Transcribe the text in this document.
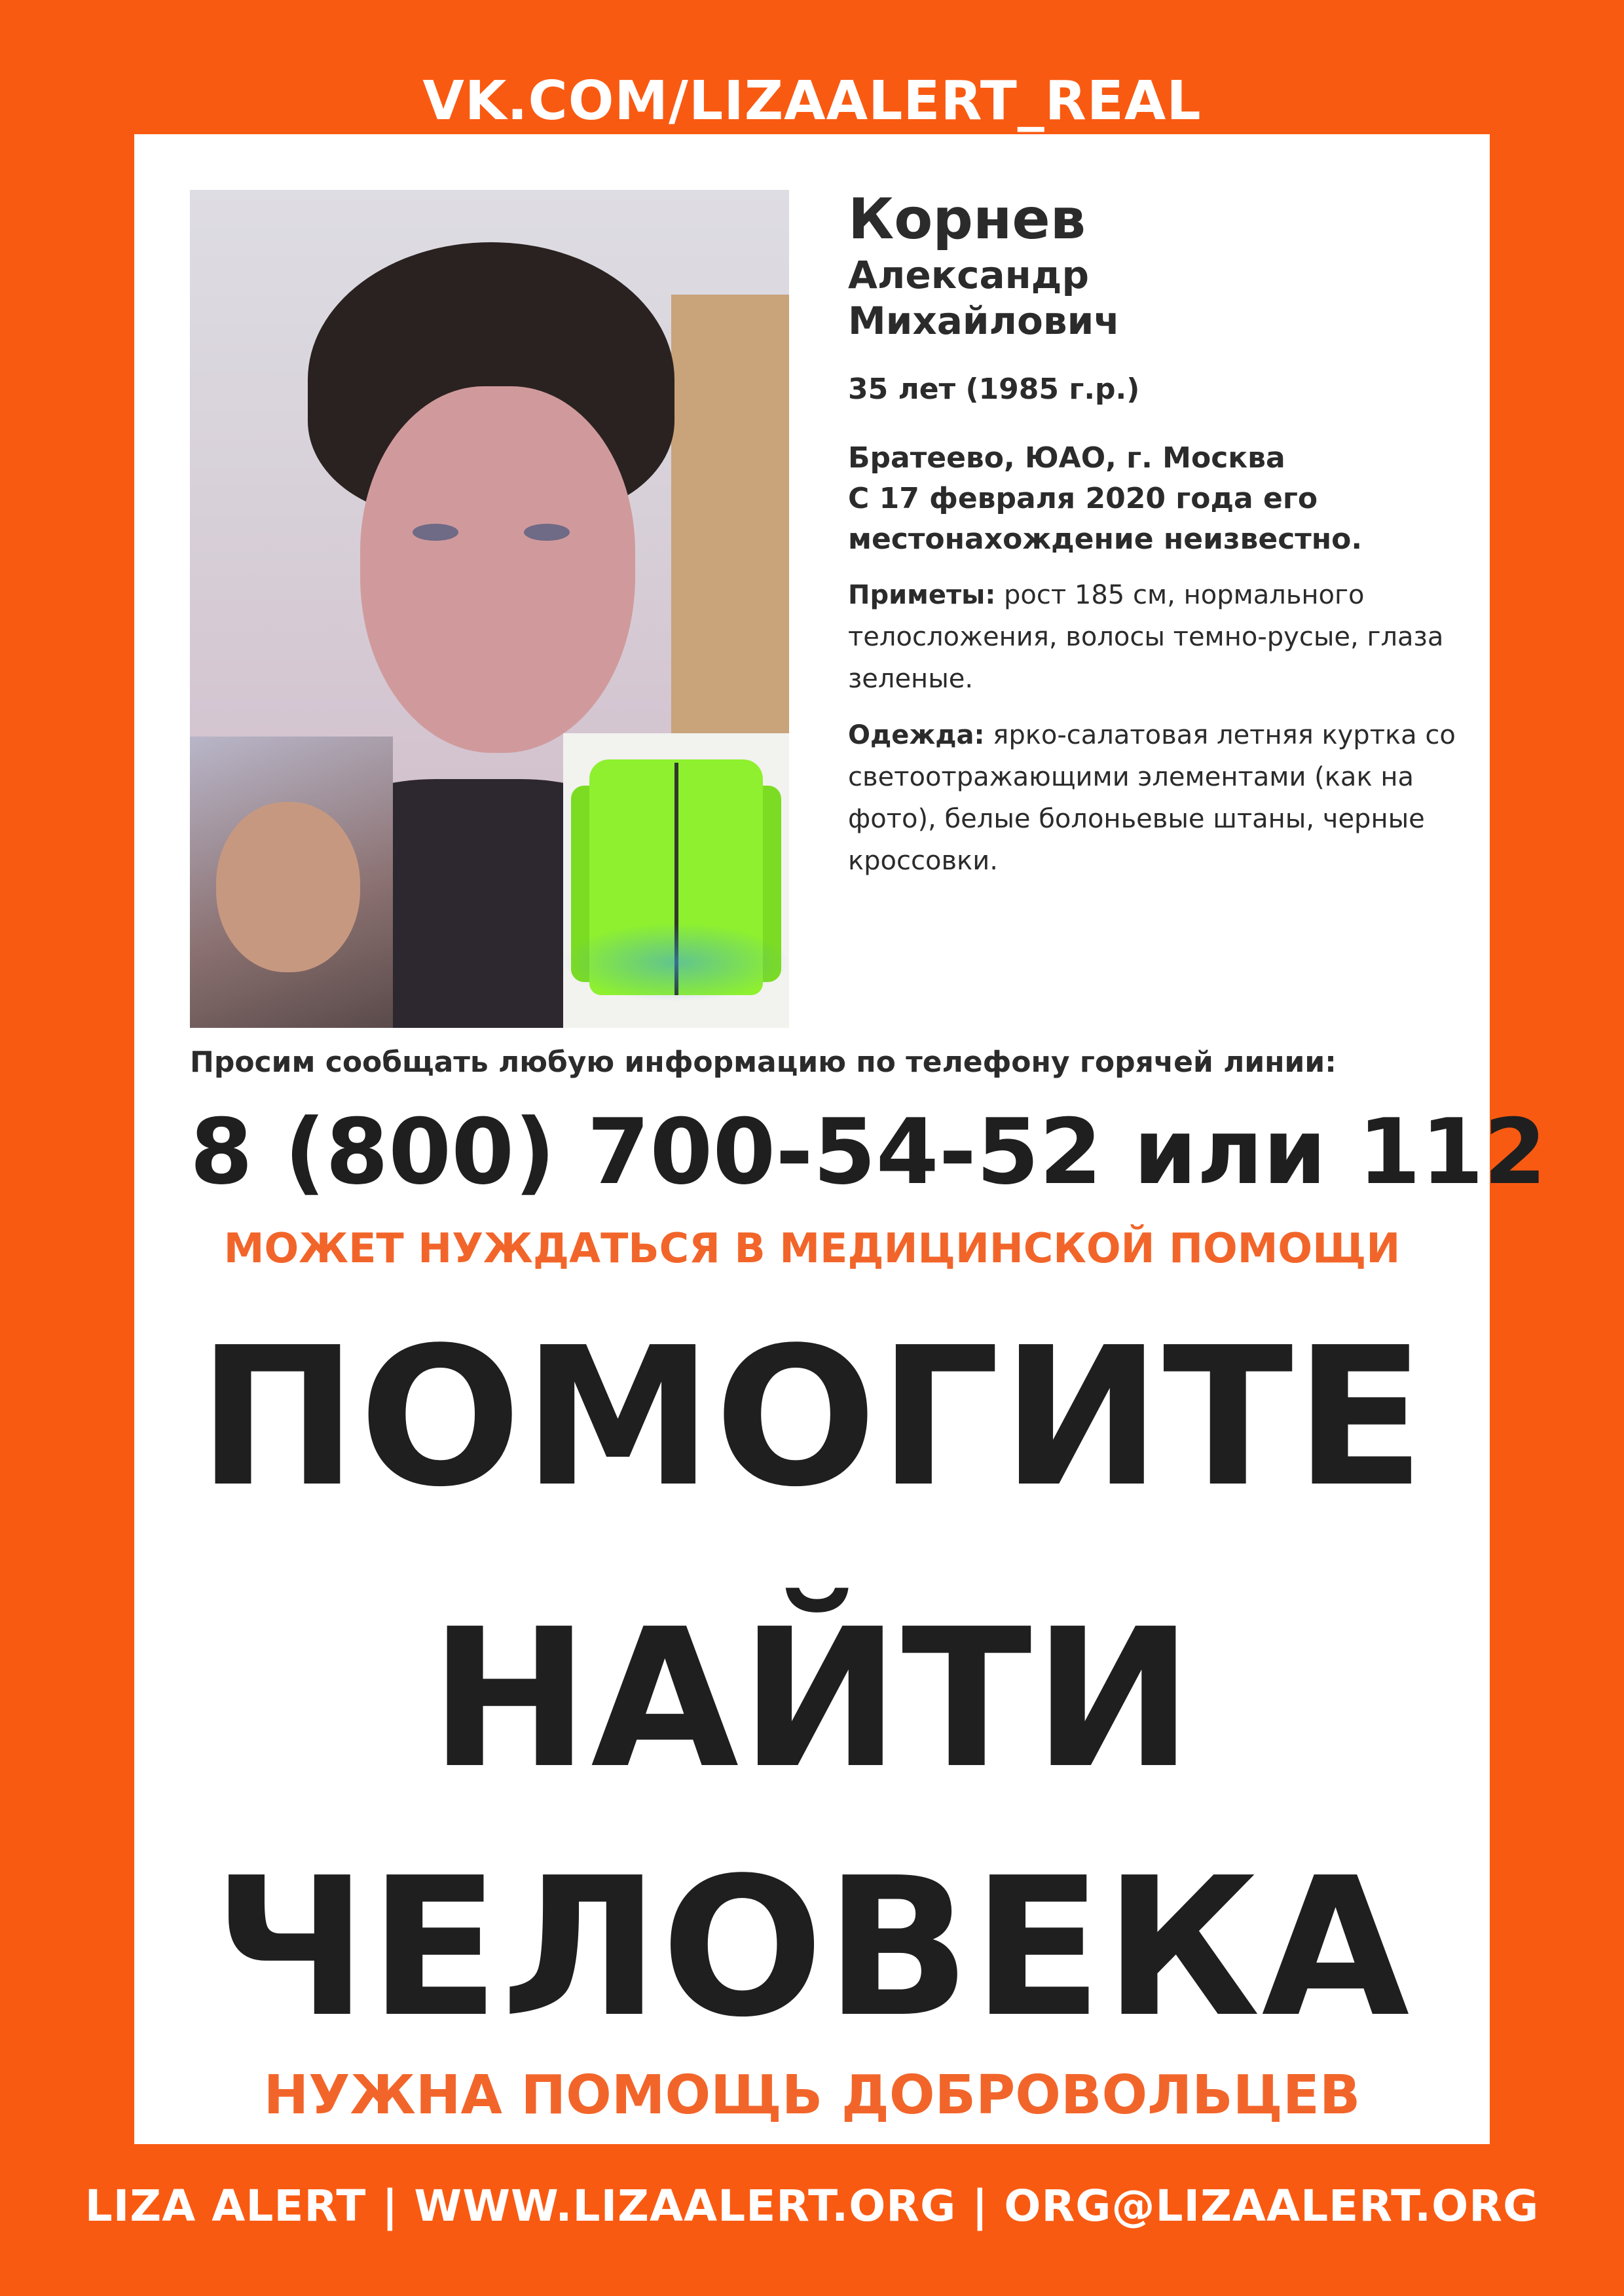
VK.COM/LIZAALERT_REAL
Корнев
Александр
Михайлович
35 лет (1985 г.р.)
Братеево, ЮАО, г. Москва
С 17 февраля 2020 года его
местонахождение неизвестно.
Приметы: рост 185 см, нормального телосложения, волосы темно-русые, глаза зеленые.
Одежда: ярко-салатовая летняя куртка со светоотражающими элементами (как на фото), белые болоньевые штаны, черные кроссовки.
Просим сообщать любую информацию по телефону горячей линии:
8 (800) 700-54-52 или 112
МОЖЕТ НУЖДАТЬСЯ В МЕДИЦИНСКОЙ ПОМОЩИ
ПОМОГИТЕ
НАЙТИ
ЧЕЛОВЕКА
НУЖНА ПОМОЩЬ ДОБРОВОЛЬЦЕВ
LIZA ALERT | WWW.LIZAALERT.ORG | ORG@LIZAALERT.ORG
